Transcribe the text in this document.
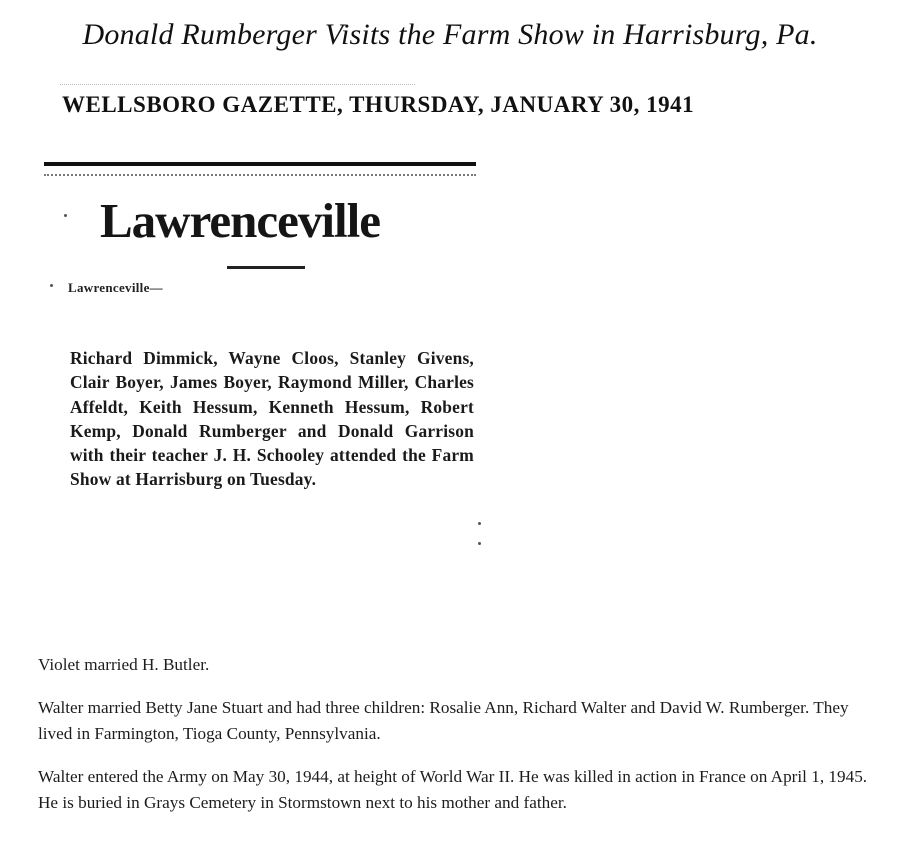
Donald Rumberger Visits the Farm Show in Harrisburg, Pa.
WELLSBORO GAZETTE, THURSDAY, JANUARY 30, 1941
Lawrenceville
Lawrenceville—
Richard Dimmick, Wayne Cloos, Stanley Givens, Clair Boyer, James Boyer, Raymond Miller, Charles Affeldt, Keith Hessum, Kenneth Hessum, Robert Kemp, Donald Rumberger and Donald Garrison with their teacher J. H. Schooley attended the Farm Show at Harrisburg on Tuesday.

Violet married H. Butler.

Walter married Betty Jane Stuart and had three children: Rosalie Ann, Richard Walter and David W. Rumberger. They lived in Farmington, Tioga County, Pennsylvania.

Walter entered the Army on May 30, 1944, at height of World War II. He was killed in action in France on April 1, 1945. He is buried in Grays Cemetery in Stormstown next to his mother and father.
